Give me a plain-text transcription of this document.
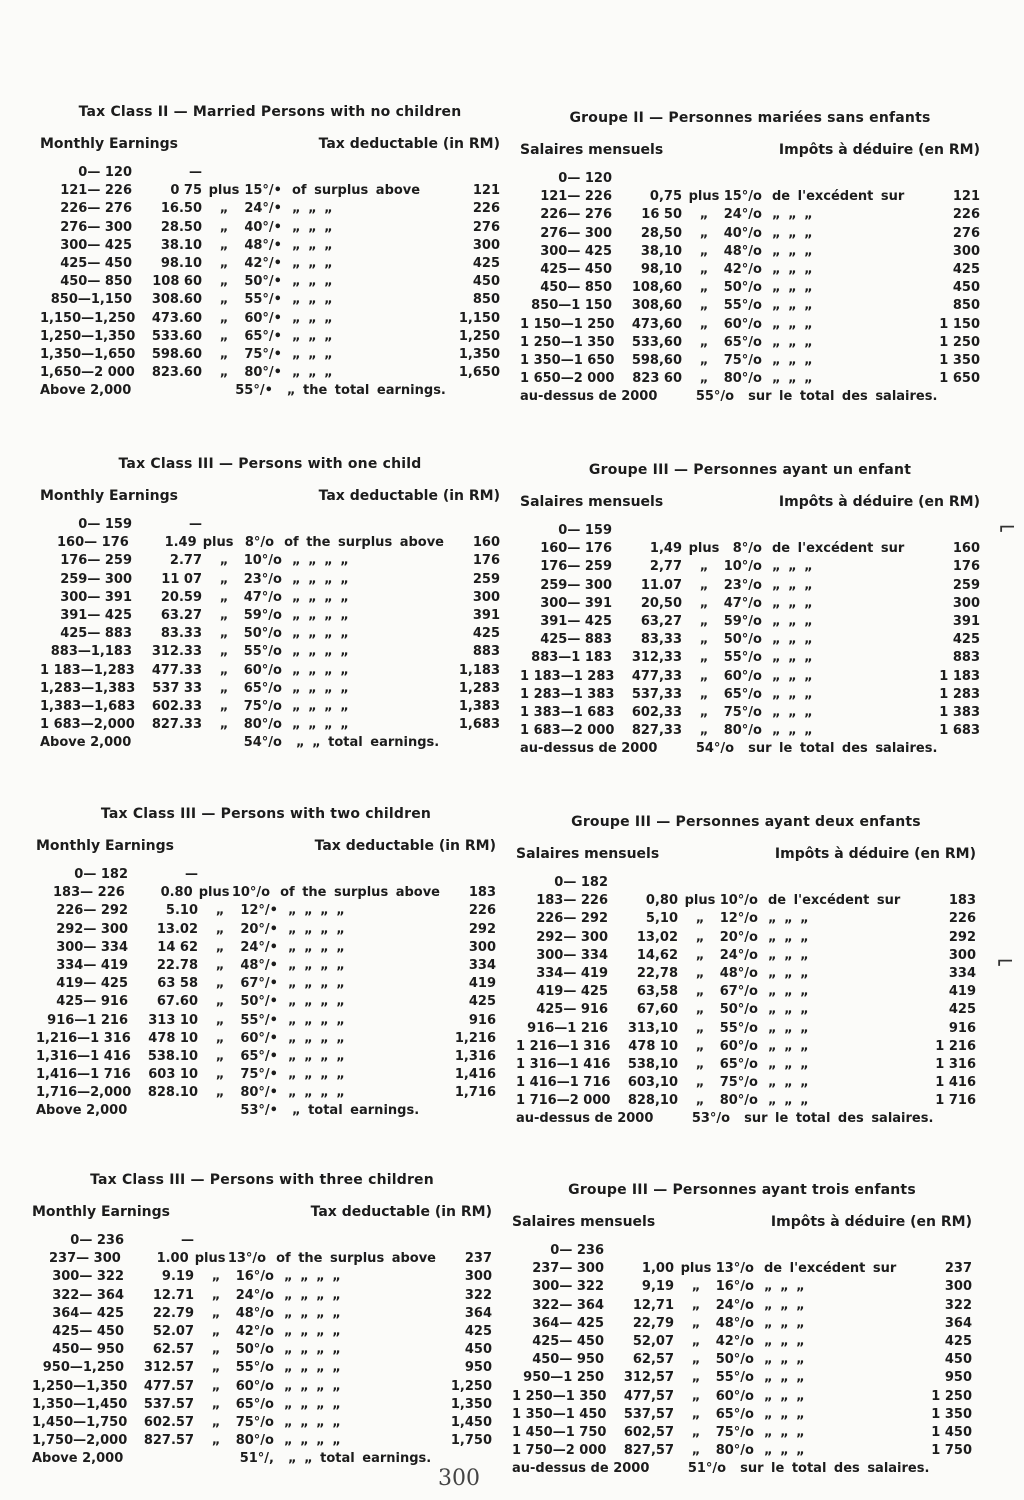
Tax Class II — Married Persons with no children
Monthly Earnings	Tax deductable (in RM)
0— 120	—
121— 226	0 75 plus 15°/• of surplus above	121
226— 276	16.50	„	24°/• „ „ „	226
276— 300	28.50	„	40°/• „ „ „	276
300— 425	38.10	„	48°/• „ „ „	300
425— 450	98.10	„	42°/• „ „ „	425
450— 850	108 60	„	50°/• „ „ „	450
850—1,150	308.60	„	55°/• „ „ „	850
1,150—1,250	473.60	„	60°/• „ „ „	1,150
1,250—1,350	533.60	„	65°/• „ „ „	1,250
1,350—1,650	598.60	„	75°/• „ „ „	1,350
1,650—2 000	823.60	„	80°/• „ „ „	1,650
Above 2,000	55°/•	„ the total earnings.
Groupe II — Personnes mariées sans enfants
Salaires mensuels	Impôts à déduire (en RM)
0— 120
121— 226	0,75 plus 15°/o de l'excédent sur	121
226— 276	16 50	„	24°/o „ „ „	226
276— 300	28,50	„	40°/o „ „ „	276
300— 425	38,10	„	48°/o „ „ „	300
425— 450	98,10	„	42°/o „ „ „	425
450— 850	108,60	„	50°/o „ „ „	450
850—1 150	308,60	„	55°/o „ „ „	850
1 150—1 250	473,60	„	60°/o „ „ „	1 150
1 250—1 350	533,60	„	65°/o „ „ „	1 250
1 350—1 650	598,60	„	75°/o „ „ „	1 350
1 650—2 000	823 60	„	80°/o „ „ „	1 650
au-dessus de 2000	55°/o	sur le total des salaires.
Tax Class III — Persons with one child
Monthly Earnings	Tax deductable (in RM)
0— 159	—
160— 176	1.49 plus 8°/o of the surplus above	160
176— 259	2.77	„	10°/o „ „ „ „	176
259— 300	11 07	„	23°/o „ „ „ „	259
300— 391	20.59	„	47°/o „ „ „ „	300
391— 425	63.27	„	59°/o „ „ „ „	391
425— 883	83.33	„	50°/o „ „ „ „	425
883—1,183	312.33	„	55°/o „ „ „ „	883
1 183—1,283	477.33	„	60°/o „ „ „ „	1,183
1,283—1,383	537 33	„	65°/o „ „ „ „	1,283
1,383—1,683	602.33	„	75°/o „ „ „ „	1,383
1 683—2,000	827.33	„	80°/o „ „ „ „	1,683
Above 2,000	54°/o	„ „ total earnings.
Groupe III — Personnes ayant un enfant
Salaires mensuels	Impôts à déduire (en RM)
0— 159
160— 176	1,49 plus	8°/o de l'excédent sur	160
176— 259	2,77	„	10°/o „ „ „	176
259— 300	11.07	„	23°/o „ „ „	259
300— 391	20,50	„	47°/o „ „ „	300
391— 425	63,27	„	59°/o „ „ „	391
425— 883	83,33	„	50°/o „ „ „	425
883—1 183	312,33	„	55°/o „ „ „	883
1 183—1 283	477,33	„	60°/o „ „ „	1 183
1 283—1 383	537,33	„	65°/o „ „ „	1 283
1 383—1 683	602,33	„	75°/o „ „ „	1 383
1 683—2 000	827,33	„	80°/o „ „ „	1 683
au-dessus de 2000	54°/o	sur le total des salaires.
Tax Class III — Persons with two children
Monthly Earnings	Tax deductable (in RM)
0— 182	—
183— 226	0.80 plus 10°/o of the surplus above	183
226— 292	5.10	„	12°/• „ „ „ „	226
292— 300	13.02	„	20°/• „ „ „ „	292
300— 334	14 62	„	24°/• „ „ „ „	300
334— 419	22.78	„	48°/• „ „ „ „	334
419— 425	63 58	„	67°/• „ „ „ „	419
425— 916	67.60	„	50°/• „ „ „ „	425
916—1 216	313 10	„	55°/• „ „ „ „	916
1,216—1 316	478 10	„	60°/• „ „ „ „	1,216
1,316—1 416	538.10	„	65°/• „ „ „ „	1,316
1,416—1 716	603 10	„	75°/• „ „ „ „	1,416
1,716—2,000	828.10	„	80°/• „ „ „ „	1,716
Above 2,000	53°/•	„ total earnings.
Groupe III — Personnes ayant deux enfants
Salaires mensuels	Impôts à déduire (en RM)
0— 182
183— 226	0,80 plus 10°/o de l'excédent sur	183
226— 292	5,10	„	12°/o „ „ „	226
292— 300	13,02	„	20°/o „ „ „	292
300— 334	14,62	„	24°/o „ „ „	300
334— 419	22,78	„	48°/o „ „ „	334
419— 425	63,58	„	67°/o „ „ „	419
425— 916	67,60	„	50°/o „ „ „	425
916—1 216	313,10	„	55°/o „ „ „	916
1 216—1 316	478 10	„	60°/o „ „ „	1 216
1 316—1 416	538,10	„	65°/o „ „ „	1 316
1 416—1 716	603,10	„	75°/o „ „ „	1 416
1 716—2 000	828,10	„	80°/o „ „ „	1 716
au-dessus de 2000	53°/o	sur le total des salaires.
Tax Class III — Persons with three children
Monthly Earnings	Tax deductable (in RM)
0— 236	—
237— 300	1.00 plus 13°/o of the surplus above	237
300— 322	9.19	„	16°/o „ „ „ „	300
322— 364	12.71	„	24°/o „ „ „ „	322
364— 425	22.79	„	48°/o „ „ „ „	364
425— 450	52.07	„	42°/o „ „ „ „	425
450— 950	62.57	„	50°/o „ „ „ „	450
950—1,250	312.57	„	55°/o „ „ „ „	950
1,250—1,350	477.57	„	60°/o „ „ „ „	1,250
1,350—1,450	537.57	„	65°/o „ „ „ „	1,350
1,450—1,750	602.57	„	75°/o „ „ „ „	1,450
1,750—2,000	827.57	„	80°/o „ „ „ „	1,750
Above 2,000	51°/,	„ „ total earnings.
Groupe III — Personnes ayant trois enfants
Salaires mensuels	Impôts à déduire (en RM)
0— 236
237— 300	1,00 plus 13°/o de l'excédent sur	237
300— 322	9,19	„	16°/o „ „ „	300
322— 364	12,71	„	24°/o „ „ „	322
364— 425	22,79	„	48°/o „ „ „	364
425— 450	52,07	„	42°/o „ „ „	425
450— 950	62,57	„	50°/o „ „ „	450
950—1 250	312,57	„	55°/o „ „ „	950
1 250—1 350	477,57	„	60°/o „ „ „	1 250
1 350—1 450	537,57	„	65°/o „ „ „	1 350
1 450—1 750	602,57	„	75°/o „ „ „	1 450
1 750—2 000	827,57	„	80°/o „ „ „	1 750
au-dessus de 2000	51°/o	sur le total des salaires.
300
⌐
⌐
